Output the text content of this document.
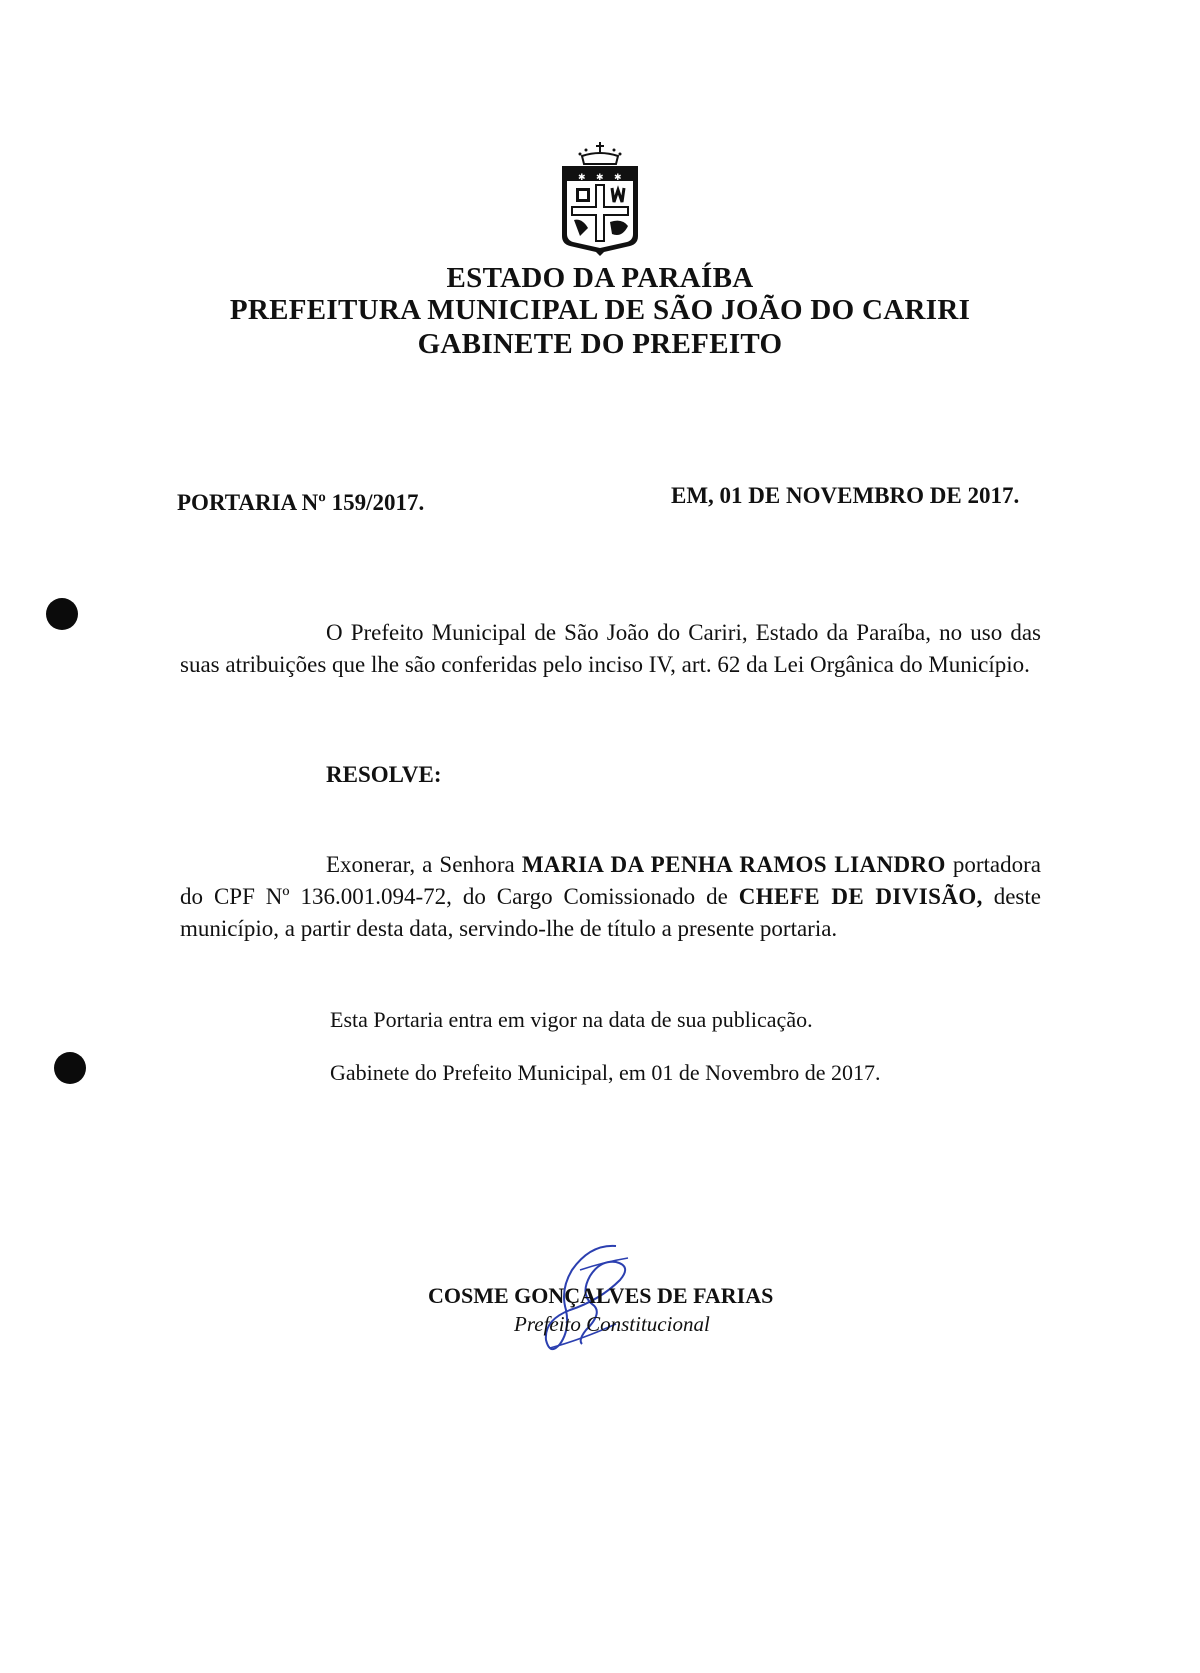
✱ ✱ ✱
ESTADO DA PARAÍBA
PREFEITURA MUNICIPAL DE SÃO JOÃO DO CARIRI
GABINETE DO PREFEITO
PORTARIA Nº 159/2017.	EM, 01 DE NOVEMBRO DE 2017.
O Prefeito Municipal de São João do Cariri, Estado da Paraíba, no uso das suas atribuições que lhe são conferidas pelo inciso IV, art. 62 da Lei Orgânica do Município.
RESOLVE:
Exonerar, a Senhora MARIA DA PENHA RAMOS LIANDRO portadora do CPF Nº 136.001.094-72, do Cargo Comissionado de CHEFE DE DIVISÃO, deste município, a partir desta data, servindo-lhe de título a presente portaria.
Esta Portaria entra em vigor na data de sua publicação.
Gabinete do Prefeito Municipal, em 01 de Novembro de 2017.
COSME GONÇALVES DE FARIAS
Prefeito Constitucional
